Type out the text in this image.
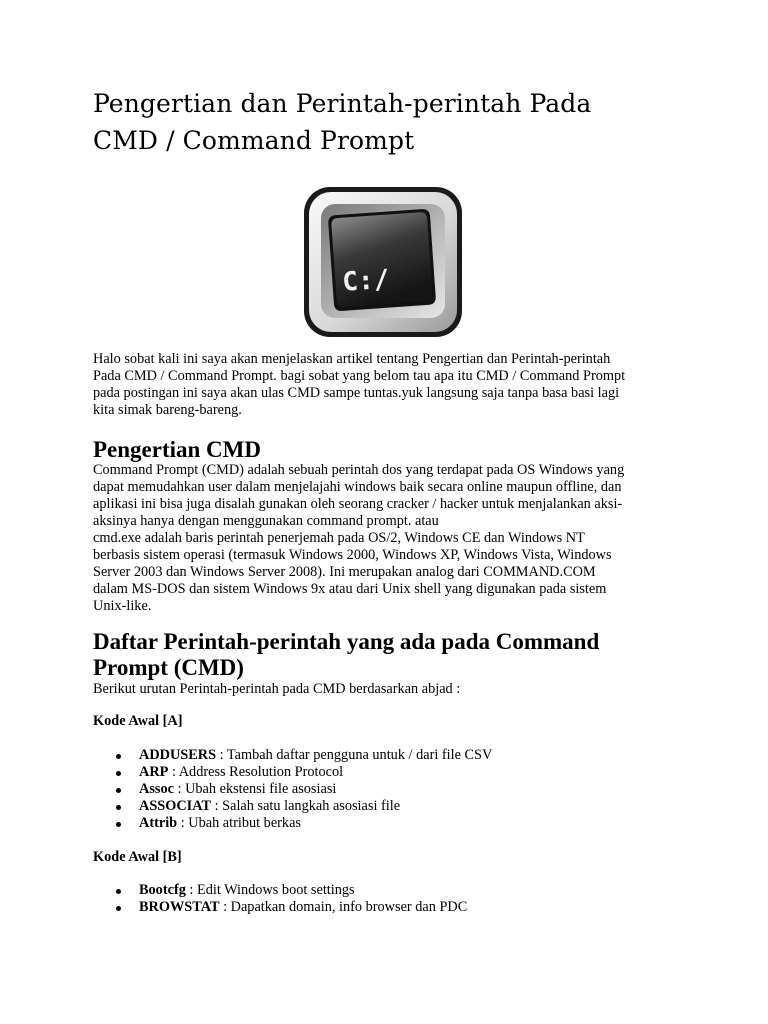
Pengertian dan Perintah-perintah Pada
CMD / Command Prompt
C:/

Halo sobat kali ini saya akan menjelaskan artikel tentang Pengertian dan Perintah-perintah
Pada CMD / Command Prompt. bagi sobat yang belom tau apa itu CMD / Command Prompt
pada postingan ini saya akan ulas CMD sampe tuntas.yuk langsung saja tanpa basa basi lagi
kita simak bareng-bareng.

Pengertian CMD

Command Prompt (CMD) adalah sebuah perintah dos yang terdapat pada OS Windows yang
dapat memudahkan user dalam menjelajahi windows baik secara online maupun offline, dan
aplikasi ini bisa juga disalah gunakan oleh seorang cracker / hacker untuk menjalankan aksi-
aksinya hanya dengan menggunakan command prompt. atau
cmd.exe adalah baris perintah penerjemah pada OS/2, Windows CE dan Windows NT
berbasis sistem operasi (termasuk Windows 2000, Windows XP, Windows Vista, Windows
Server 2003 dan Windows Server 2008). Ini merupakan analog dari COMMAND.COM
dalam MS-DOS dan sistem Windows 9x atau dari Unix shell yang digunakan pada sistem
Unix-like.

Daftar Perintah-perintah yang ada pada Command
Prompt (CMD)

Berikut urutan Perintah-perintah pada CMD berdasarkan abjad :

Kode Awal [A]

ADDUSERS : Tambah daftar pengguna untuk / dari file CSV
ARP : Address Resolution Protocol
Assoc : Ubah ekstensi file asosiasi
ASSOCIAT : Salah satu langkah asosiasi file
Attrib : Ubah atribut berkas

Kode Awal [B]

Bootcfg : Edit Windows boot settings
BROWSTAT : Dapatkan domain, info browser dan PDC
